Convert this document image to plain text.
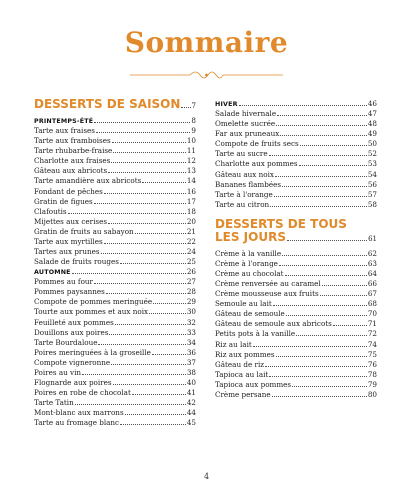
Sommaire
DESSERTS DE SAISON 7
PRINTEMPS-ÉTÉ	8
Tarte aux fraises	9
Tarte aux framboises	10
Tarte rhubarbe-fraise	11
Charlotte aux fraises	12
Gâteau aux abricots	13
Tarte amandière aux abricots	14
Fondant de pêches	16
Gratin de figues	17
Clafoutis	18
Mijettes aux cerises	20
Gratin de fruits au sabayon	21
Tarte aux myrtilles	22
Tartes aux prunes	24
Salade de fruits rouges	25
AUTOMNE	26
Pommes au four	27
Pommes paysannes	28
Compote de pommes meringuée	29
Tourte aux pommes et aux noix	30
Feuilleté aux pommes	32
Douillons aux poires	33
Tarte Bourdaloue	34
Poires meringuées à la groseille	36
Compote vigneronne	37
Poires au vin	38
Flognarde aux poires	40
Poires en robe de chocolat	41
Tarte Tatin	42
Mont-blanc aux marrons	44
Tarte au fromage blanc	45
HIVER	46
Salade hivernale	47
Omelette sucrée	48
Far aux pruneaux	49
Compote de fruits secs	50
Tarte au sucre	52
Charlotte aux pommes	53
Gâteau aux noix	54
Bananes flambées	56
Tarte à l'orange	57
Tarte au citron	58
DESSERTS DE TOUS
LES JOURS	61
Crème à la vanille	62
Crème à l'orange	63
Crème au chocolat	64
Crème renversée au caramel	66
Crème mousseuse aux fruits	67
Semoule au lait	68
Gâteau de semoule	70
Gâteau de semoule aux abricots	71
Petits pots à la vanille	72
Riz au lait	74
Riz aux pommes	75
Gâteau de riz	76
Tapioca au lait	78
Tapioca aux pommes	79
Crème persane	80
4
